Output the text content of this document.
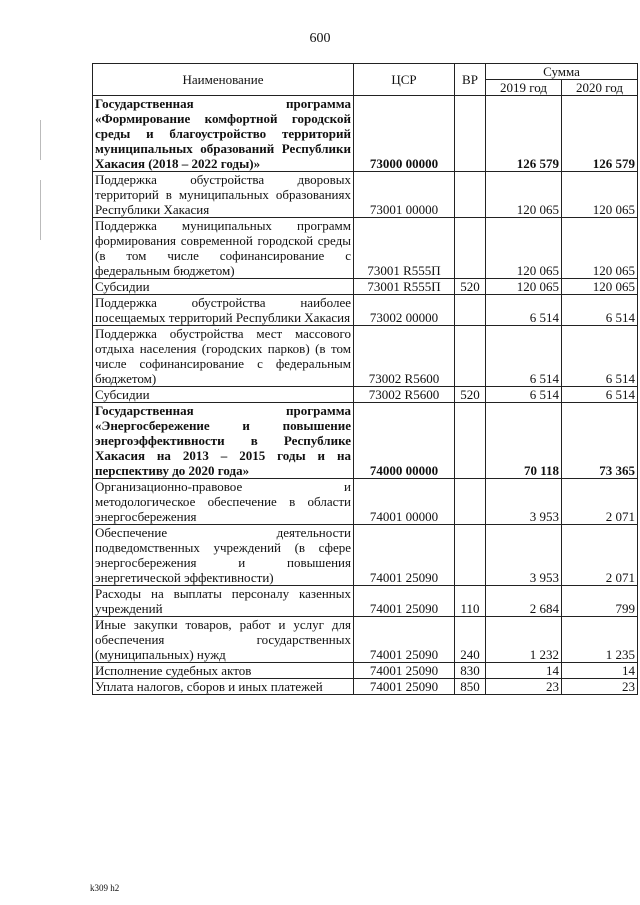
600
Наименование	ЦСР	ВР	Сумма	
			2019 год	2020 год
Государственная программа «Формирование комфортной городской среды и благоустройство территорий муниципальных образований Республики Хакасия (2018 – 2022 годы)»	73000 00000		126 579	126 579
Поддержка обустройства дворовых территорий в муниципальных образованиях Республики Хакасия	73001 00000		120 065	120 065
Поддержка муниципальных программ формирования современной городской среды (в том числе софинансирование с федеральным бюджетом)	73001 R555П		120 065	120 065
Субсидии	73001 R555П	520	120 065	120 065
Поддержка обустройства наиболее посещаемых территорий Республики Хакасия	73002 00000		6 514	6 514
Поддержка обустройства мест массового отдыха населения (городских парков) (в том числе софинансирование с федеральным бюджетом)	73002 R5600		6 514	6 514
Субсидии	73002 R5600	520	6 514	6 514
Государственная программа «Энергосбережение и повышение энергоэффективности в Республике Хакасия на 2013 – 2015 годы и на перспективу до 2020 года»	74000 00000		70 118	73 365
Организационно-правовое и методологическое обеспечение в области энергосбережения	74001 00000		3 953	2 071
Обеспечение деятельности подведомственных учреждений (в сфере энергосбережения и повышения энергетической эффективности)	74001 25090		3 953	2 071
Расходы на выплаты персоналу казенных учреждений	74001 25090	110	2 684	799
Иные закупки товаров, работ и услуг для обеспечения государственных (муниципальных) нужд	74001 25090	240	1 232	1 235
Исполнение судебных актов	74001 25090	830	14	14
Уплата налогов, сборов и иных платежей	74001 25090	850	23	23
k309 h2
